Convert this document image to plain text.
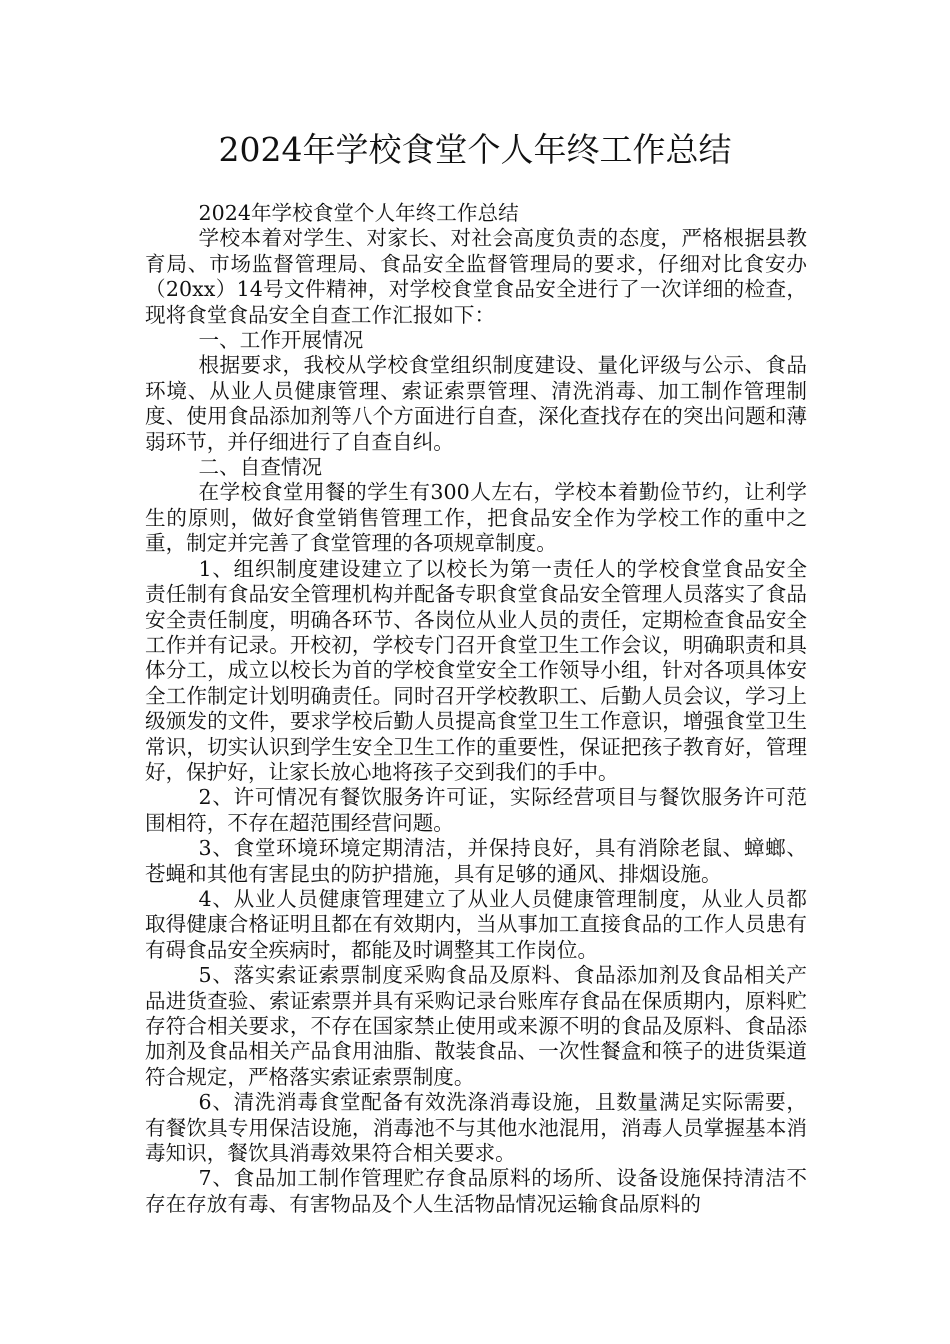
2024年学校食堂个人年终工作总结

2024年学校食堂个人年终工作总结

学校本着对学生、对家长、对社会高度负责的态度，严格根据县教育局、市场监督管理局、食品安全监督管理局的要求，仔细对比食安办（20xx）14号文件精神，对学校食堂食品安全进行了一次详细的检查，现将食堂食品安全自查工作汇报如下：

一、工作开展情况

根据要求，我校从学校食堂组织制度建设、量化评级与公示、食品环境、从业人员健康管理、索证索票管理、清洗消毒、加工制作管理制度、使用食品添加剂等八个方面进行自查，深化查找存在的突出问题和薄弱环节，并仔细进行了自查自纠。

二、自查情况

在学校食堂用餐的学生有300人左右，学校本着勤俭节约，让利学生的原则，做好食堂销售管理工作，把食品安全作为学校工作的重中之重，制定并完善了食堂管理的各项规章制度。

1、组织制度建设建立了以校长为第一责任人的学校食堂食品安全责任制有食品安全管理机构并配备专职食堂食品安全管理人员落实了食品安全责任制度，明确各环节、各岗位从业人员的责任，定期检查食品安全工作并有记录。开校初，学校专门召开食堂卫生工作会议，明确职责和具体分工，成立以校长为首的学校食堂安全工作领导小组，针对各项具体安全工作制定计划明确责任。同时召开学校教职工、后勤人员会议，学习上级颁发的文件，要求学校后勤人员提高食堂卫生工作意识，增强食堂卫生常识，切实认识到学生安全卫生工作的重要性，保证把孩子教育好，管理好，保护好，让家长放心地将孩子交到我们的手中。

2、许可情况有餐饮服务许可证，实际经营项目与餐饮服务许可范围相符，不存在超范围经营问题。

3、食堂环境环境定期清洁，并保持良好，具有消除老鼠、蟑螂、苍蝇和其他有害昆虫的防护措施，具有足够的通风、排烟设施。

4、从业人员健康管理建立了从业人员健康管理制度，从业人员都取得健康合格证明且都在有效期内，当从事加工直接食品的工作人员患有有碍食品安全疾病时，都能及时调整其工作岗位。

5、落实索证索票制度采购食品及原料、食品添加剂及食品相关产品进货查验、索证索票并具有采购记录台账库存食品在保质期内，原料贮存符合相关要求，不存在国家禁止使用或来源不明的食品及原料、食品添加剂及食品相关产品食用油脂、散装食品、一次性餐盒和筷子的进货渠道符合规定，严格落实索证索票制度。

6、清洗消毒食堂配备有效洗涤消毒设施，且数量满足实际需要，有餐饮具专用保洁设施，消毒池不与其他水池混用，消毒人员掌握基本消毒知识，餐饮具消毒效果符合相关要求。

7、食品加工制作管理贮存食品原料的场所、设备设施保持清洁不存在存放有毒、有害物品及个人生活物品情况运输食品原料的
